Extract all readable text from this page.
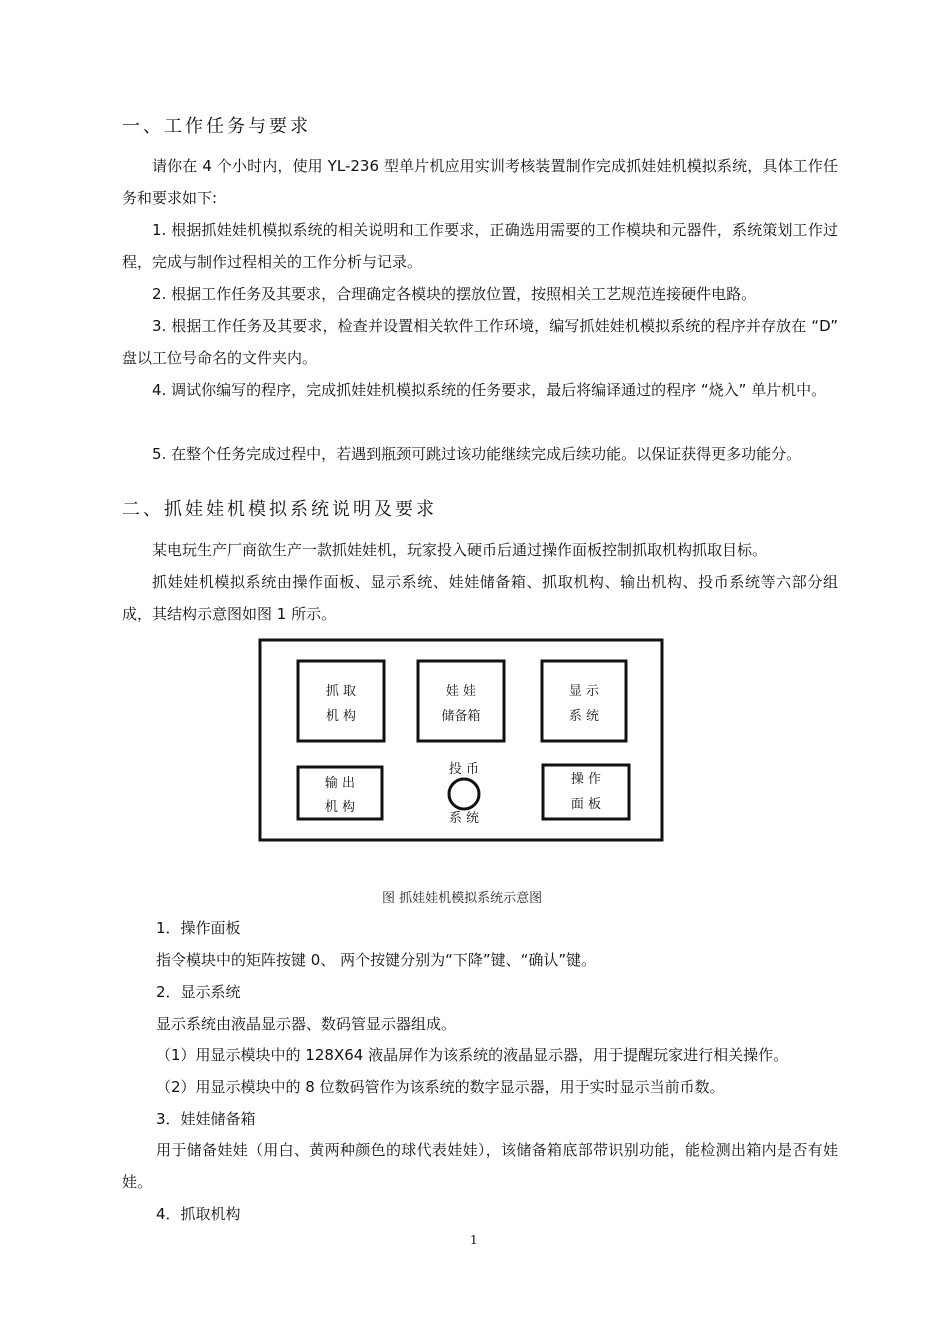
一、工作任务与要求
请你在 4 个小时内，使用 YL-236 型单片机应用实训考核装置制作完成抓娃娃机模拟系统，具体工作任务和要求如下:
1. 根据抓娃娃机模拟系统的相关说明和工作要求，正确选用需要的工作模块和元器件，系统策划工作过程，完成与制作过程相关的工作分析与记录。
2. 根据工作任务及其要求，合理确定各模块的摆放位置，按照相关工艺规范连接硬件电路。
3. 根据工作任务及其要求，检查并设置相关软件工作环境，编写抓娃娃机模拟系统的程序并存放在 “D” 盘以工位号命名的文件夹内。
4. 调试你编写的程序，完成抓娃娃机模拟系统的任务要求，最后将编译通过的程序 “烧入” 单片机中。
5. 在整个任务完成过程中，若遇到瓶颈可跳过该功能继续完成后续功能。以保证获得更多功能分。
二、抓娃娃机模拟系统说明及要求
某电玩生产厂商欲生产一款抓娃娃机，玩家投入硬币后通过操作面板控制抓取机构抓取目标。
抓娃娃机模拟系统由操作面板、显示系统、娃娃储备箱、抓取机构、输出机构、投币系统等六部分组成，其结构示意图如图 1 所示。
抓 取
机 构
娃 娃
储备箱
显 示
系 统
输 出
机 构
投 币
系 统
操 作
面 板
图 抓娃娃机模拟系统示意图
1．操作面板
指令模块中的矩阵按键 0、 两个按键分别为“下降”键、“确认”键。
2．显示系统
显示系统由液晶显示器、数码管显示器组成。
（1）用显示模块中的 128X64 液晶屏作为该系统的液晶显示器，用于提醒玩家进行相关操作。
（2）用显示模块中的 8 位数码管作为该系统的数字显示器，用于实时显示当前币数。
3．娃娃储备箱
用于储备娃娃（用白、黄两种颜色的球代表娃娃），该储备箱底部带识别功能，能检测出箱内是否有娃娃。
4．抓取机构
1
